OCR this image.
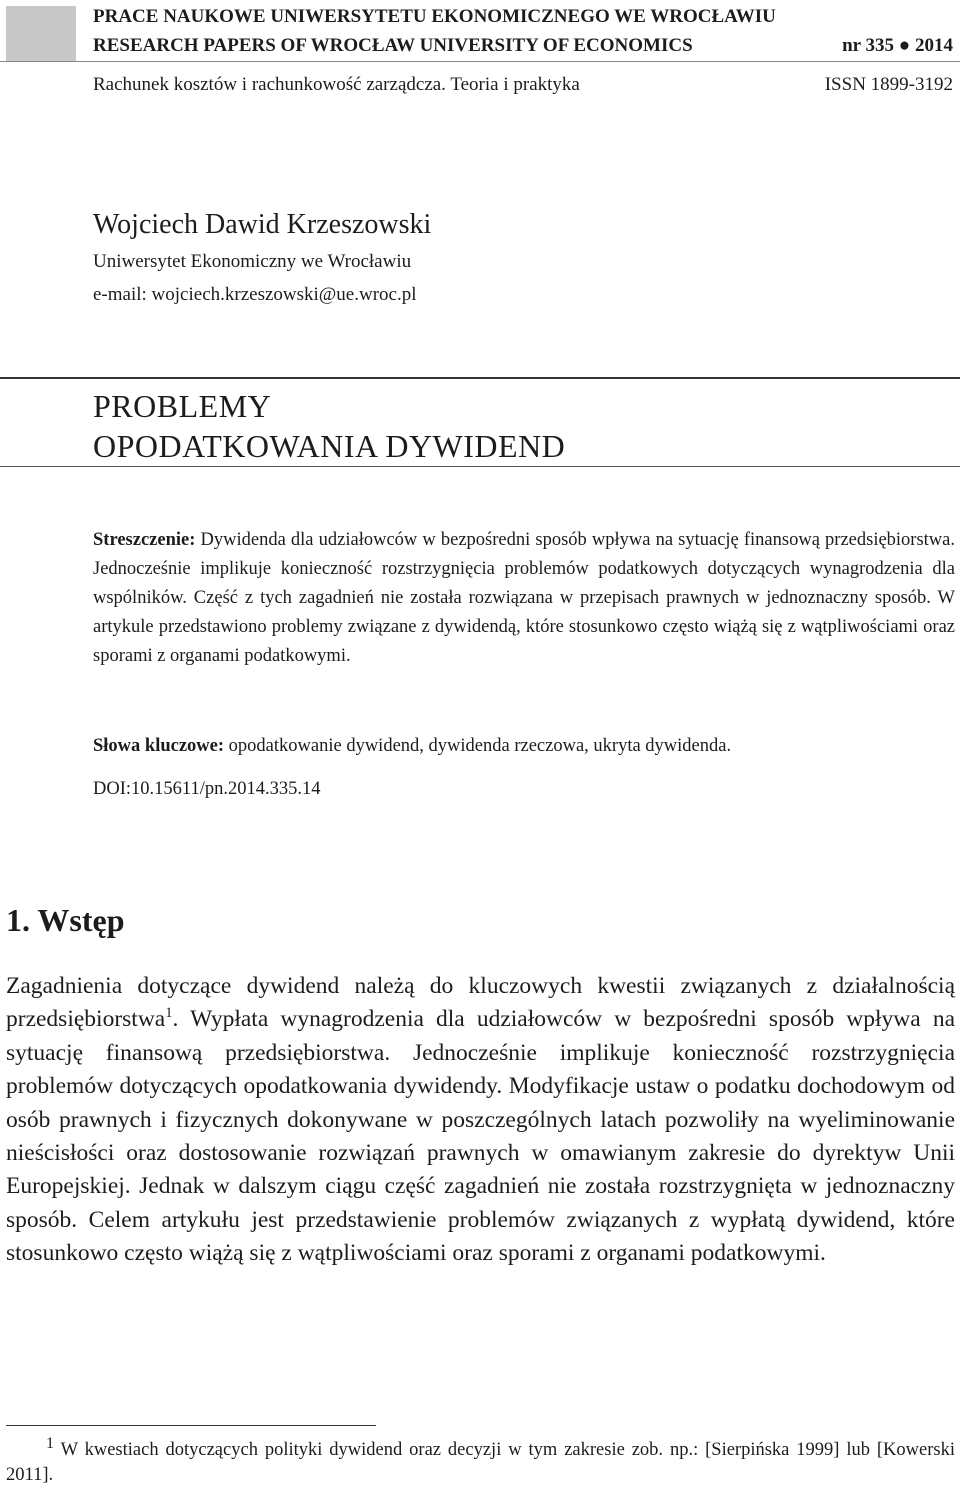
PRACE NAUKOWE UNIWERSYTETU EKONOMICZNEGO WE WROCŁAWIU
RESEARCH PAPERS OF WROCŁAW UNIVERSITY OF ECONOMICS	nr 335 ● 2014
Rachunek kosztów i rachunkowość zarządcza. Teoria i praktyka	ISSN 1899-3192
Wojciech Dawid Krzeszowski
Uniwersytet Ekonomiczny we Wrocławiu
e-mail: wojciech.krzeszowski@ue.wroc.pl
PROBLEMY
OPODATKOWANIA DYWIDEND
Streszczenie: Dywidenda dla udziałowców w bezpośredni sposób wpływa na sytuację finansową przedsiębiorstwa. Jednocześnie implikuje konieczność rozstrzygnięcia problemów podatkowych dotyczących wynagrodzenia dla wspólników. Część z tych zagadnień nie została rozwiązana w przepisach prawnych w jednoznaczny sposób. W artykule przedstawiono problemy związane z dywidendą, które stosunkowo często wiążą się z wątpliwościami oraz sporami z organami podatkowymi.
Słowa kluczowe: opodatkowanie dywidend, dywidenda rzeczowa, ukryta dywidenda.
DOI:10.15611/pn.2014.335.14
1. Wstęp
Zagadnienia dotyczące dywidend należą do kluczowych kwestii związanych z działalnością przedsiębiorstwa$^1$. Wypłata wynagrodzenia dla udziałowców w bezpośredni sposób wpływa na sytuację finansową przedsiębiorstwa. Jednocześnie implikuje konieczność rozstrzygnięcia problemów dotyczących opodatkowania dywidendy. Modyfikacje ustaw o podatku dochodowym od osób prawnych i fizycznych dokonywane w poszczególnych latach pozwoliły na wyeliminowanie nieścisłości oraz dostosowanie rozwiązań prawnych w omawianym zakresie do dyrektyw Unii Europejskiej. Jednak w dalszym ciągu część zagadnień nie została rozstrzygnięta w jednoznaczny sposób. Celem artykułu jest przedstawienie problemów związanych z wypłatą dywidend, które stosunkowo często wiążą się z wątpliwościami oraz sporami z organami podatkowymi.
$^1$ W kwestiach dotyczących polityki dywidend oraz decyzji w tym zakresie zob. np.: [Sierpińska 1999] lub [Kowerski 2011].
